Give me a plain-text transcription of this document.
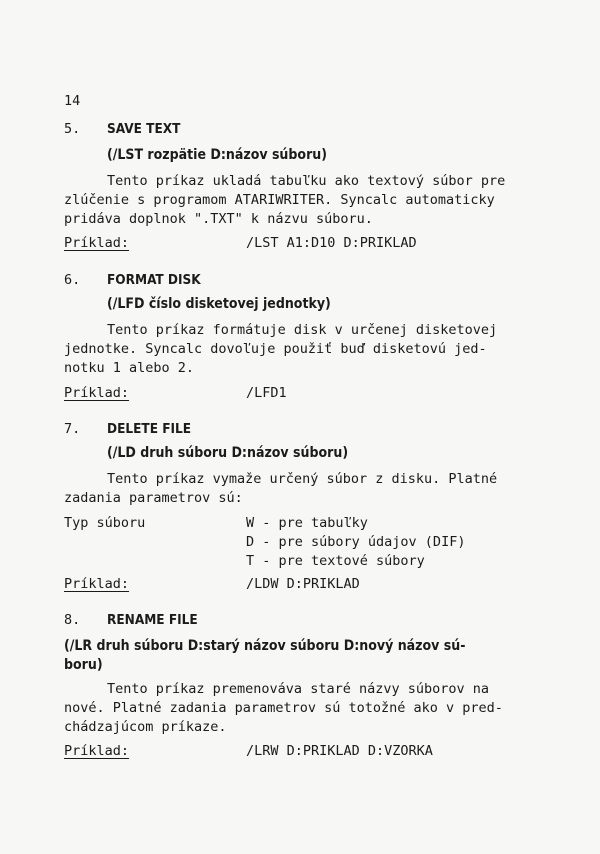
14
5. SAVE TEXT
(/LST rozpätie D:názov súboru)
Tento príkaz ukladá tabuľku ako textový súbor pre
zlúčenie s programom ATARIWRITER. Syncalc automaticky
pridáva doplnok ".TXT" k názvu súboru.
Príklad:	/LST A1:D10 D:PRIKLAD
6. FORMAT DISK
(/LFD číslo disketovej jednotky)
Tento príkaz formátuje disk v určenej disketovej
jednotke. Syncalc dovoľuje použiť buď disketovú jed-
notku 1 alebo 2.
Príklad:	/LFD1
7. DELETE FILE
(/LD druh súboru D:názov súboru)
Tento príkaz vymaže určený súbor z disku. Platné
zadania parametrov sú:
Typ súboru	W - pre tabuľky
D - pre súbory údajov (DIF)
T - pre textové súbory
Príklad:	/LDW D:PRIKLAD
8. RENAME FILE
(/LR druh súboru D:starý názov súboru D:nový názov sú-
boru)
Tento príkaz premenováva staré názvy súborov na
nové. Platné zadania parametrov sú totožné ako v pred-
chádzajúcom príkaze.
Príklad:	/LRW D:PRIKLAD D:VZORKA
